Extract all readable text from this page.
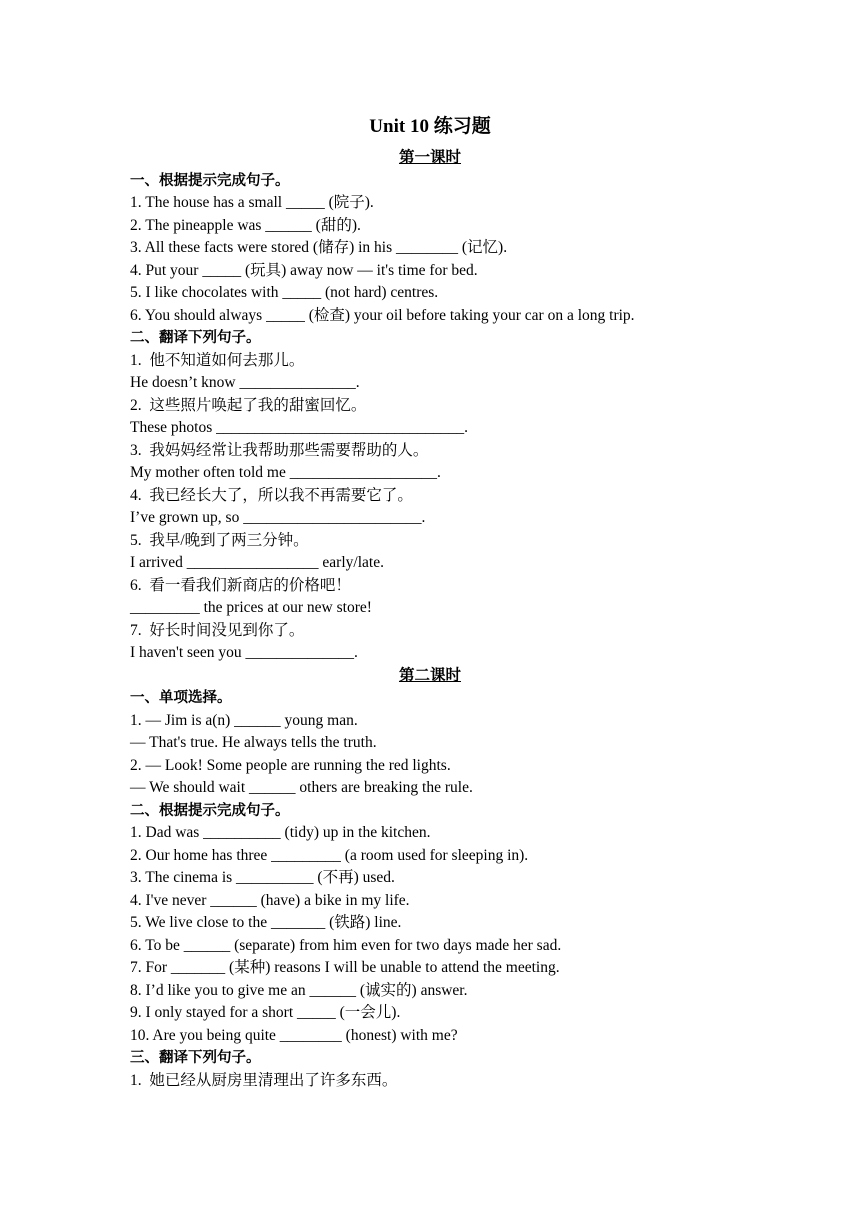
Unit 10 练习题
第一课时
一、根据提示完成句子。
1. The house has a small _____ (院子).
2. The pineapple was ______ (甜的).
3. All these facts were stored (储存) in his ________ (记忆).
4. Put your _____ (玩具) away now — it's time for bed.
5. I like chocolates with _____ (not hard) centres.
6. You should always _____ (检查) your oil before taking your car on a long trip.
二、翻译下列句子。
1.  他不知道如何去那儿。
He doesn’t know _______________.
2.  这些照片唤起了我的甜蜜回忆。
These photos ________________________________.
3.  我妈妈经常让我帮助那些需要帮助的人。
My mother often told me ___________________.
4.  我已经长大了，所以我不再需要它了。
I’ve grown up, so _______________________.
5.  我早/晚到了两三分钟。
I arrived _________________ early/late.
6.  看一看我们新商店的价格吧！
_________ the prices at our new store!
7.  好长时间没见到你了。
I haven't seen you ______________.
第二课时
一、单项选择。
1. — Jim is a(n) ______ young man.
— That's true. He always tells the truth.
2. — Look! Some people are running the red lights.
— We should wait ______ others are breaking the rule.
二、根据提示完成句子。
1. Dad was __________ (tidy) up in the kitchen.
2. Our home has three _________ (a room used for sleeping in).
3. The cinema is __________ (不再) used.
4. I've never ______ (have) a bike in my life.
5. We live close to the _______ (铁路) line.
6. To be ______ (separate) from him even for two days made her sad.
7. For _______ (某种) reasons I will be unable to attend the meeting.
8. I’d like you to give me an ______ (诚实的) answer.
9. I only stayed for a short _____ (一会儿).
10. Are you being quite ________ (honest) with me?
三、翻译下列句子。
1.  她已经从厨房里清理出了许多东西。
